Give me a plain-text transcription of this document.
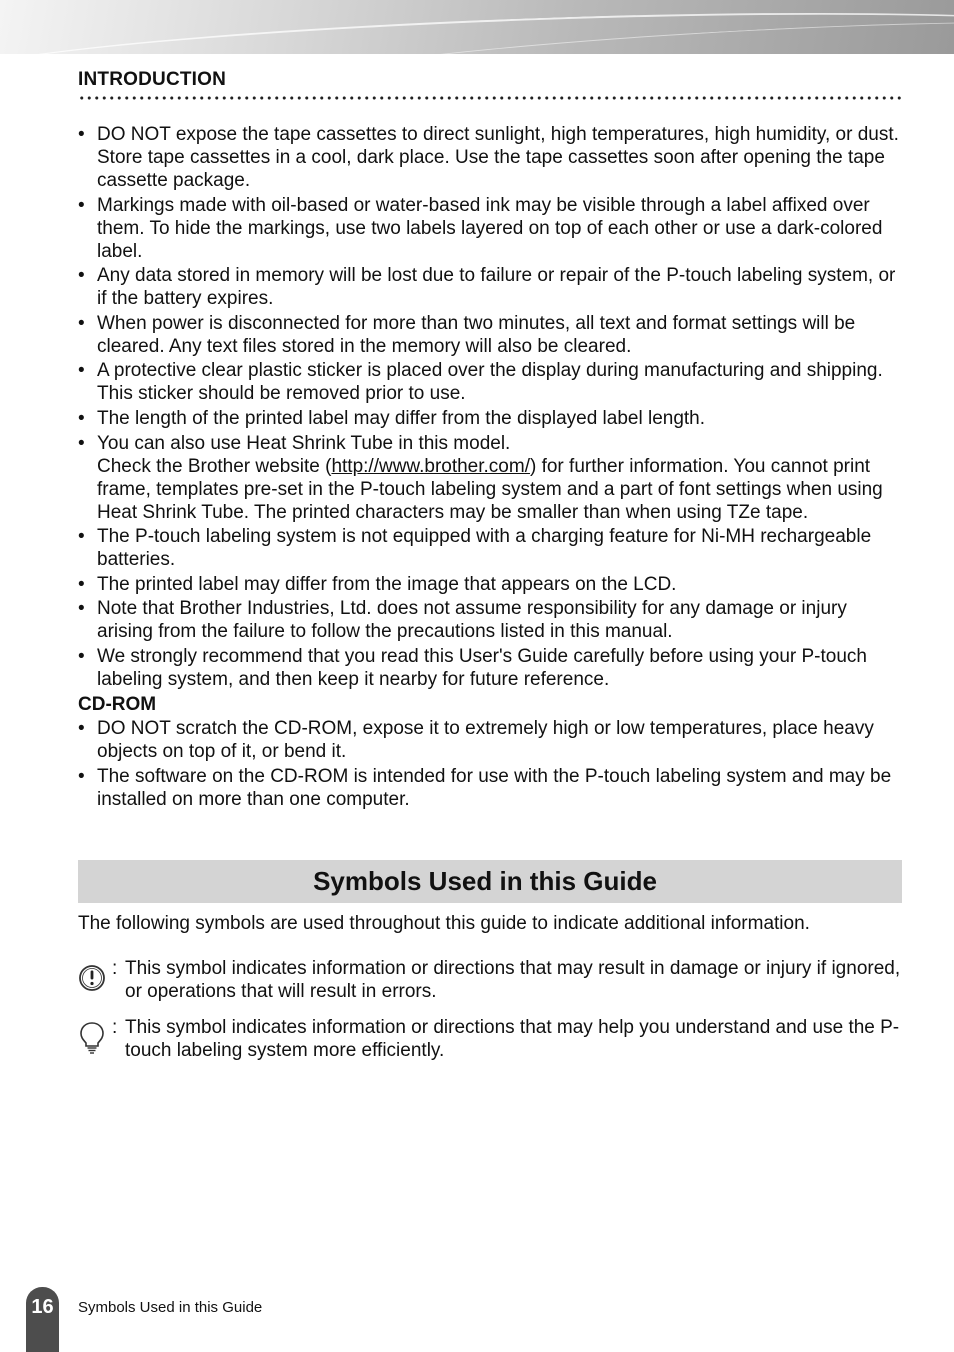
INTRODUCTION
• DO NOT expose the tape cassettes to direct sunlight, high temperatures, high humidity, or dust. Store tape cassettes in a cool, dark place. Use the tape cassettes soon after opening the tape cassette package.
• Markings made with oil-based or water-based ink may be visible through a label affixed over them. To hide the markings, use two labels layered on top of each other or use a dark-colored label.
• Any data stored in memory will be lost due to failure or repair of the P-touch labeling system, or if the battery expires.
• When power is disconnected for more than two minutes, all text and format settings will be cleared. Any text files stored in the memory will also be cleared.
• A protective clear plastic sticker is placed over the display during manufacturing and shipping. This sticker should be removed prior to use.
• The length of the printed label may differ from the displayed label length.
• You can also use Heat Shrink Tube in this model.
Check the Brother website (http://www.brother.com/) for further information. You cannot print frame, templates pre-set in the P-touch labeling system and a part of font settings when using Heat Shrink Tube. The printed characters may be smaller than when using TZe tape.
• The P-touch labeling system is not equipped with a charging feature for Ni-MH rechargeable batteries.
• The printed label may differ from the image that appears on the LCD.
• Note that Brother Industries, Ltd. does not assume responsibility for any damage or injury arising from the failure to follow the precautions listed in this manual.
• We strongly recommend that you read this User's Guide carefully before using your P-touch labeling system, and then keep it nearby for future reference.
CD-ROM
• DO NOT scratch the CD-ROM, expose it to extremely high or low temperatures, place heavy objects on top of it, or bend it.
• The software on the CD-ROM is intended for use with the P-touch labeling system and may be installed on more than one computer.
Symbols Used in this Guide

The following symbols are used throughout this guide to indicate additional information.

: This symbol indicates information or directions that may result in damage or injury if ignored, or operations that will result in errors.
: This symbol indicates information or directions that may help you understand and use the P-touch labeling system more efficiently.
16 Symbols Used in this Guide
